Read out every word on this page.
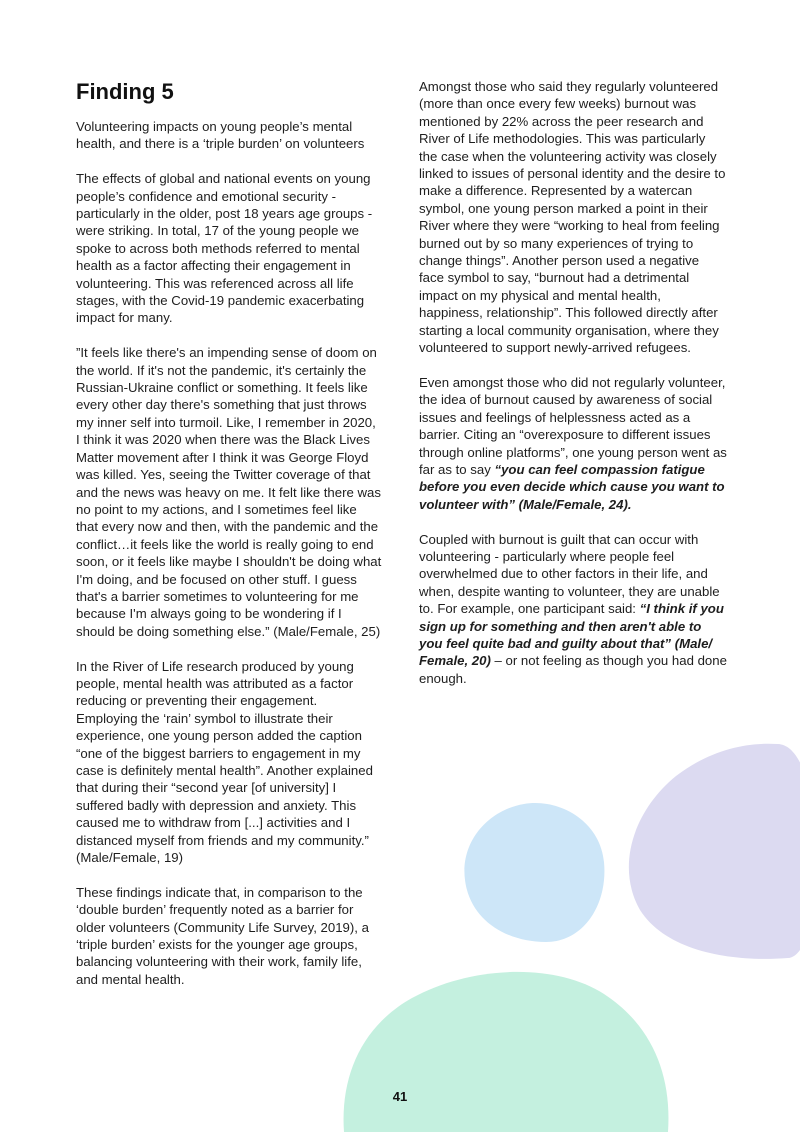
Finding 5

Volunteering impacts on young people’s mental health, and there is a ‘triple burden’ on volunteers

The effects of global and national events on young people’s confidence and emotional security - particularly in the older, post 18 years age groups - were striking. In total, 17 of the young people we spoke to across both methods referred to mental health as a factor affecting their engagement in volunteering. This was referenced across all life stages, with the Covid-19 pandemic exacerbating impact for many.

”It feels like there's an impending sense of doom on the world. If it's not the pandemic, it's certainly the Russian-Ukraine conflict or something. It feels like every other day there's something that just throws my inner self into turmoil. Like, I remember in 2020, I think it was 2020 when there was the Black Lives Matter movement after I think it was George Floyd was killed. Yes, seeing the Twitter coverage of that and the news was heavy on me. It felt like there was no point to my actions, and I sometimes feel like that every now and then, with the pandemic and the conflict…it feels like the world is really going to end soon, or it feels like maybe I shouldn't be doing what I'm doing, and be focused on other stuff. I guess that's a barrier sometimes to volunteering for me because I'm always going to be wondering if I should be doing something else.” (Male/Female, 25)

In the River of Life research produced by young people, mental health was attributed as a factor reducing or preventing their engagement. Employing the ‘rain’ symbol to illustrate their experience, one young person added the caption “one of the biggest barriers to engagement in my case is definitely mental health”. Another explained that during their “second year [of university] I suffered badly with depression and anxiety. This caused me to withdraw from [...] activities and I distanced myself from friends and my community.” (Male/Female, 19)

These findings indicate that, in comparison to the ‘double burden’ frequently noted as a barrier for older volunteers (Community Life Survey, 2019), a ‘triple burden’ exists for the younger age groups, balancing volunteering with their work, family life, and mental health.

Amongst those who said they regularly volunteered (more than once every few weeks) burnout was mentioned by 22% across the peer research and River of Life methodologies. This was particularly the case when the volunteering activity was closely linked to issues of personal identity and the desire to make a difference. Represented by a watercan symbol, one young person marked a point in their River where they were “working to heal from feeling burned out by so many experiences of trying to change things”. Another person used a negative face symbol to say, “burnout had a detrimental impact on my physical and mental health, happiness, relationship”. This followed directly after starting a local community organisation, where they volunteered to support newly-arrived refugees.

Even amongst those who did not regularly volunteer, the idea of burnout caused by awareness of social issues and feelings of helplessness acted as a barrier. Citing an “overexposure to different issues through online platforms”, one young person went as far as to say “you can feel compassion fatigue before you even decide which cause you want to volunteer with” (Male/Female, 24).

Coupled with burnout is guilt that can occur with volunteering - particularly where people feel overwhelmed due to other factors in their life, and when, despite wanting to volunteer, they are unable to. For example, one participant said: “I think if you sign up for something and then aren't able to you feel quite bad and guilty about that” (Male/ Female, 20) – or not feeling as though you had done enough.

41
